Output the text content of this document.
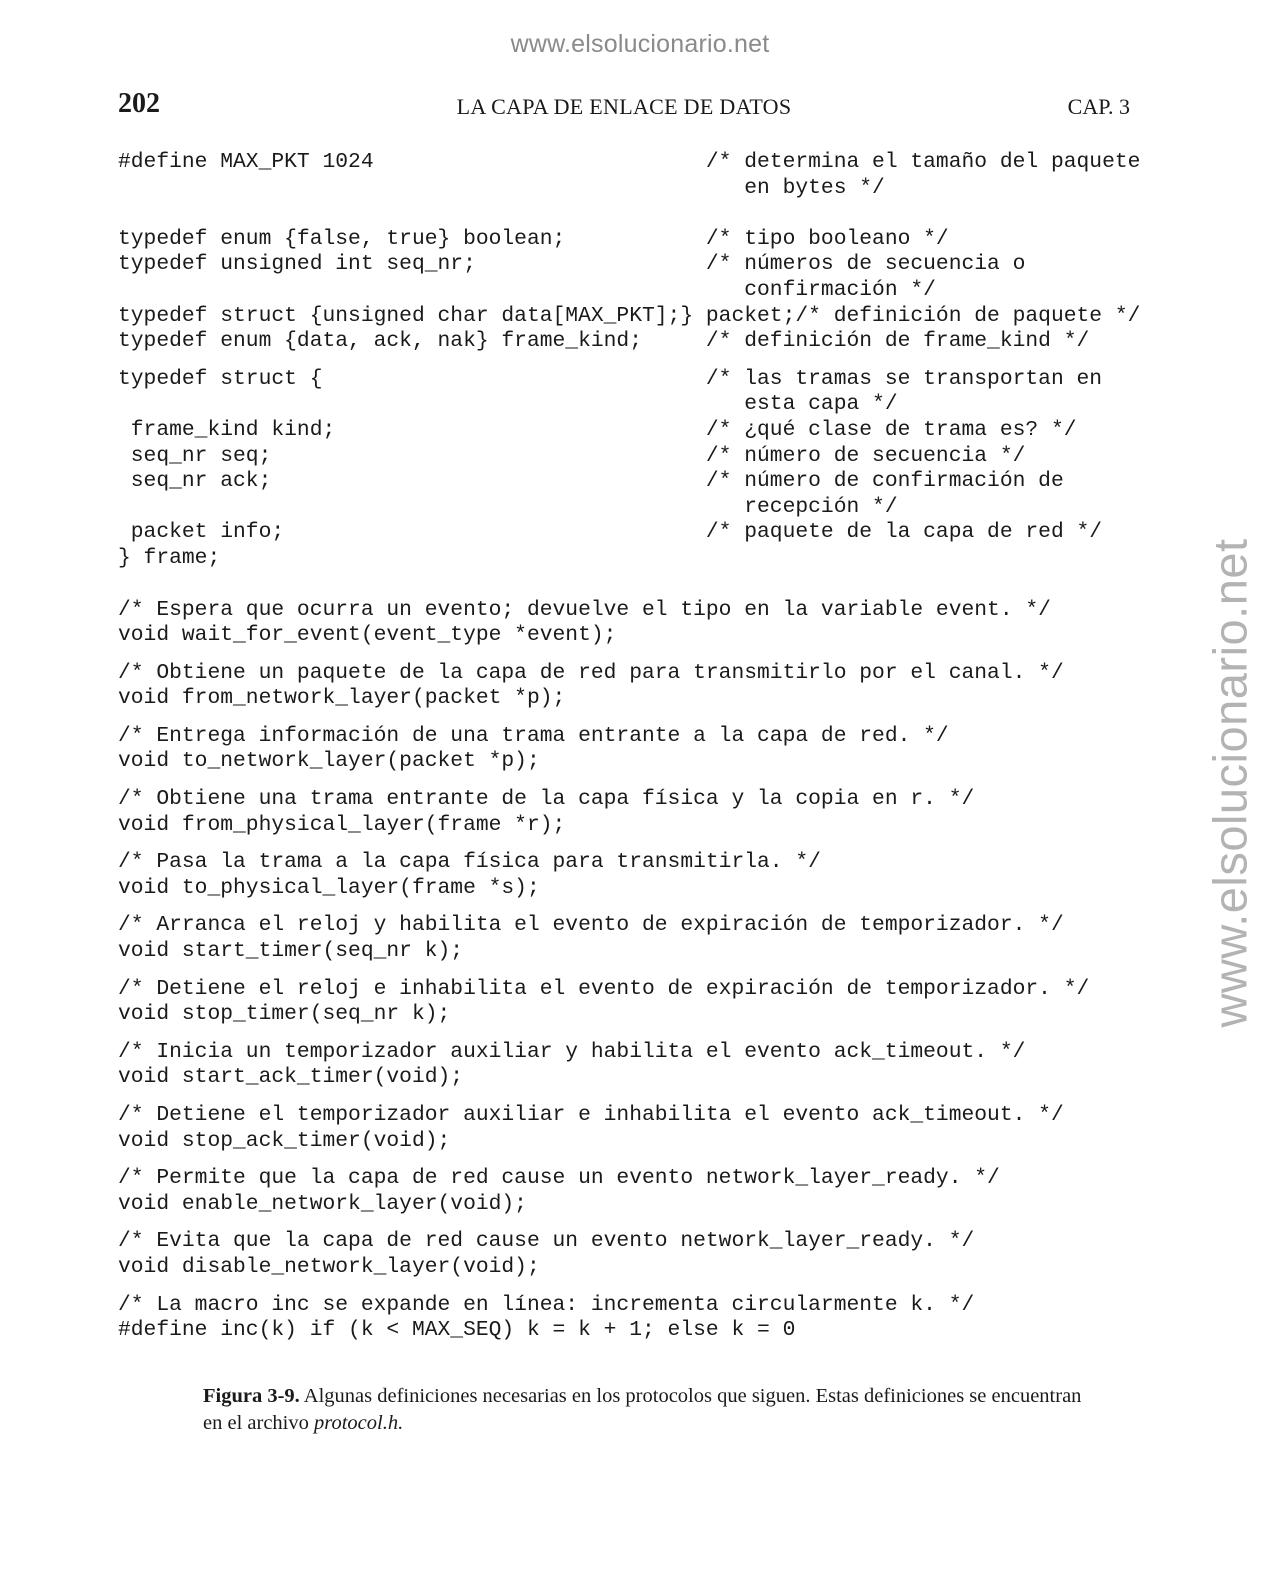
www.elsolucionario.net
www.elsolucionario.net
202	LA CAPA DE ENLACE DE DATOS	CAP. 3
#define MAX_PKT 1024                          /* determina el tamaño del paquete
en bytes */
typedef enum {false, true} boolean;           /* tipo booleano */
typedef unsigned int seq_nr;                  /* números de secuencia o
confirmación */
typedef struct {unsigned char data[MAX_PKT];} packet;/* definición de paquete */
typedef enum {data, ack, nak} frame_kind;     /* definición de frame_kind */
typedef struct {                              /* las tramas se transportan en
esta capa */
frame_kind kind;                             /* ¿qué clase de trama es? */
seq_nr seq;                                  /* número de secuencia */
seq_nr ack;                                  /* número de confirmación de
recepción */
packet info;                                 /* paquete de la capa de red */
} frame;
/* Espera que ocurra un evento; devuelve el tipo en la variable event. */
void wait_for_event(event_type *event);
/* Obtiene un paquete de la capa de red para transmitirlo por el canal. */
void from_network_layer(packet *p);
/* Entrega información de una trama entrante a la capa de red. */
void to_network_layer(packet *p);
/* Obtiene una trama entrante de la capa física y la copia en r. */
void from_physical_layer(frame *r);
/* Pasa la trama a la capa física para transmitirla. */
void to_physical_layer(frame *s);
/* Arranca el reloj y habilita el evento de expiración de temporizador. */
void start_timer(seq_nr k);
/* Detiene el reloj e inhabilita el evento de expiración de temporizador. */
void stop_timer(seq_nr k);
/* Inicia un temporizador auxiliar y habilita el evento ack_timeout. */
void start_ack_timer(void);
/* Detiene el temporizador auxiliar e inhabilita el evento ack_timeout. */
void stop_ack_timer(void);
/* Permite que la capa de red cause un evento network_layer_ready. */
void enable_network_layer(void);
/* Evita que la capa de red cause un evento network_layer_ready. */
void disable_network_layer(void);
/* La macro inc se expande en línea: incrementa circularmente k. */
#define inc(k) if (k < MAX_SEQ) k = k + 1; else k = 0
Figura 3-9. Algunas definiciones necesarias en los protocolos que siguen. Estas definiciones se encuentran en el archivo protocol.h.
